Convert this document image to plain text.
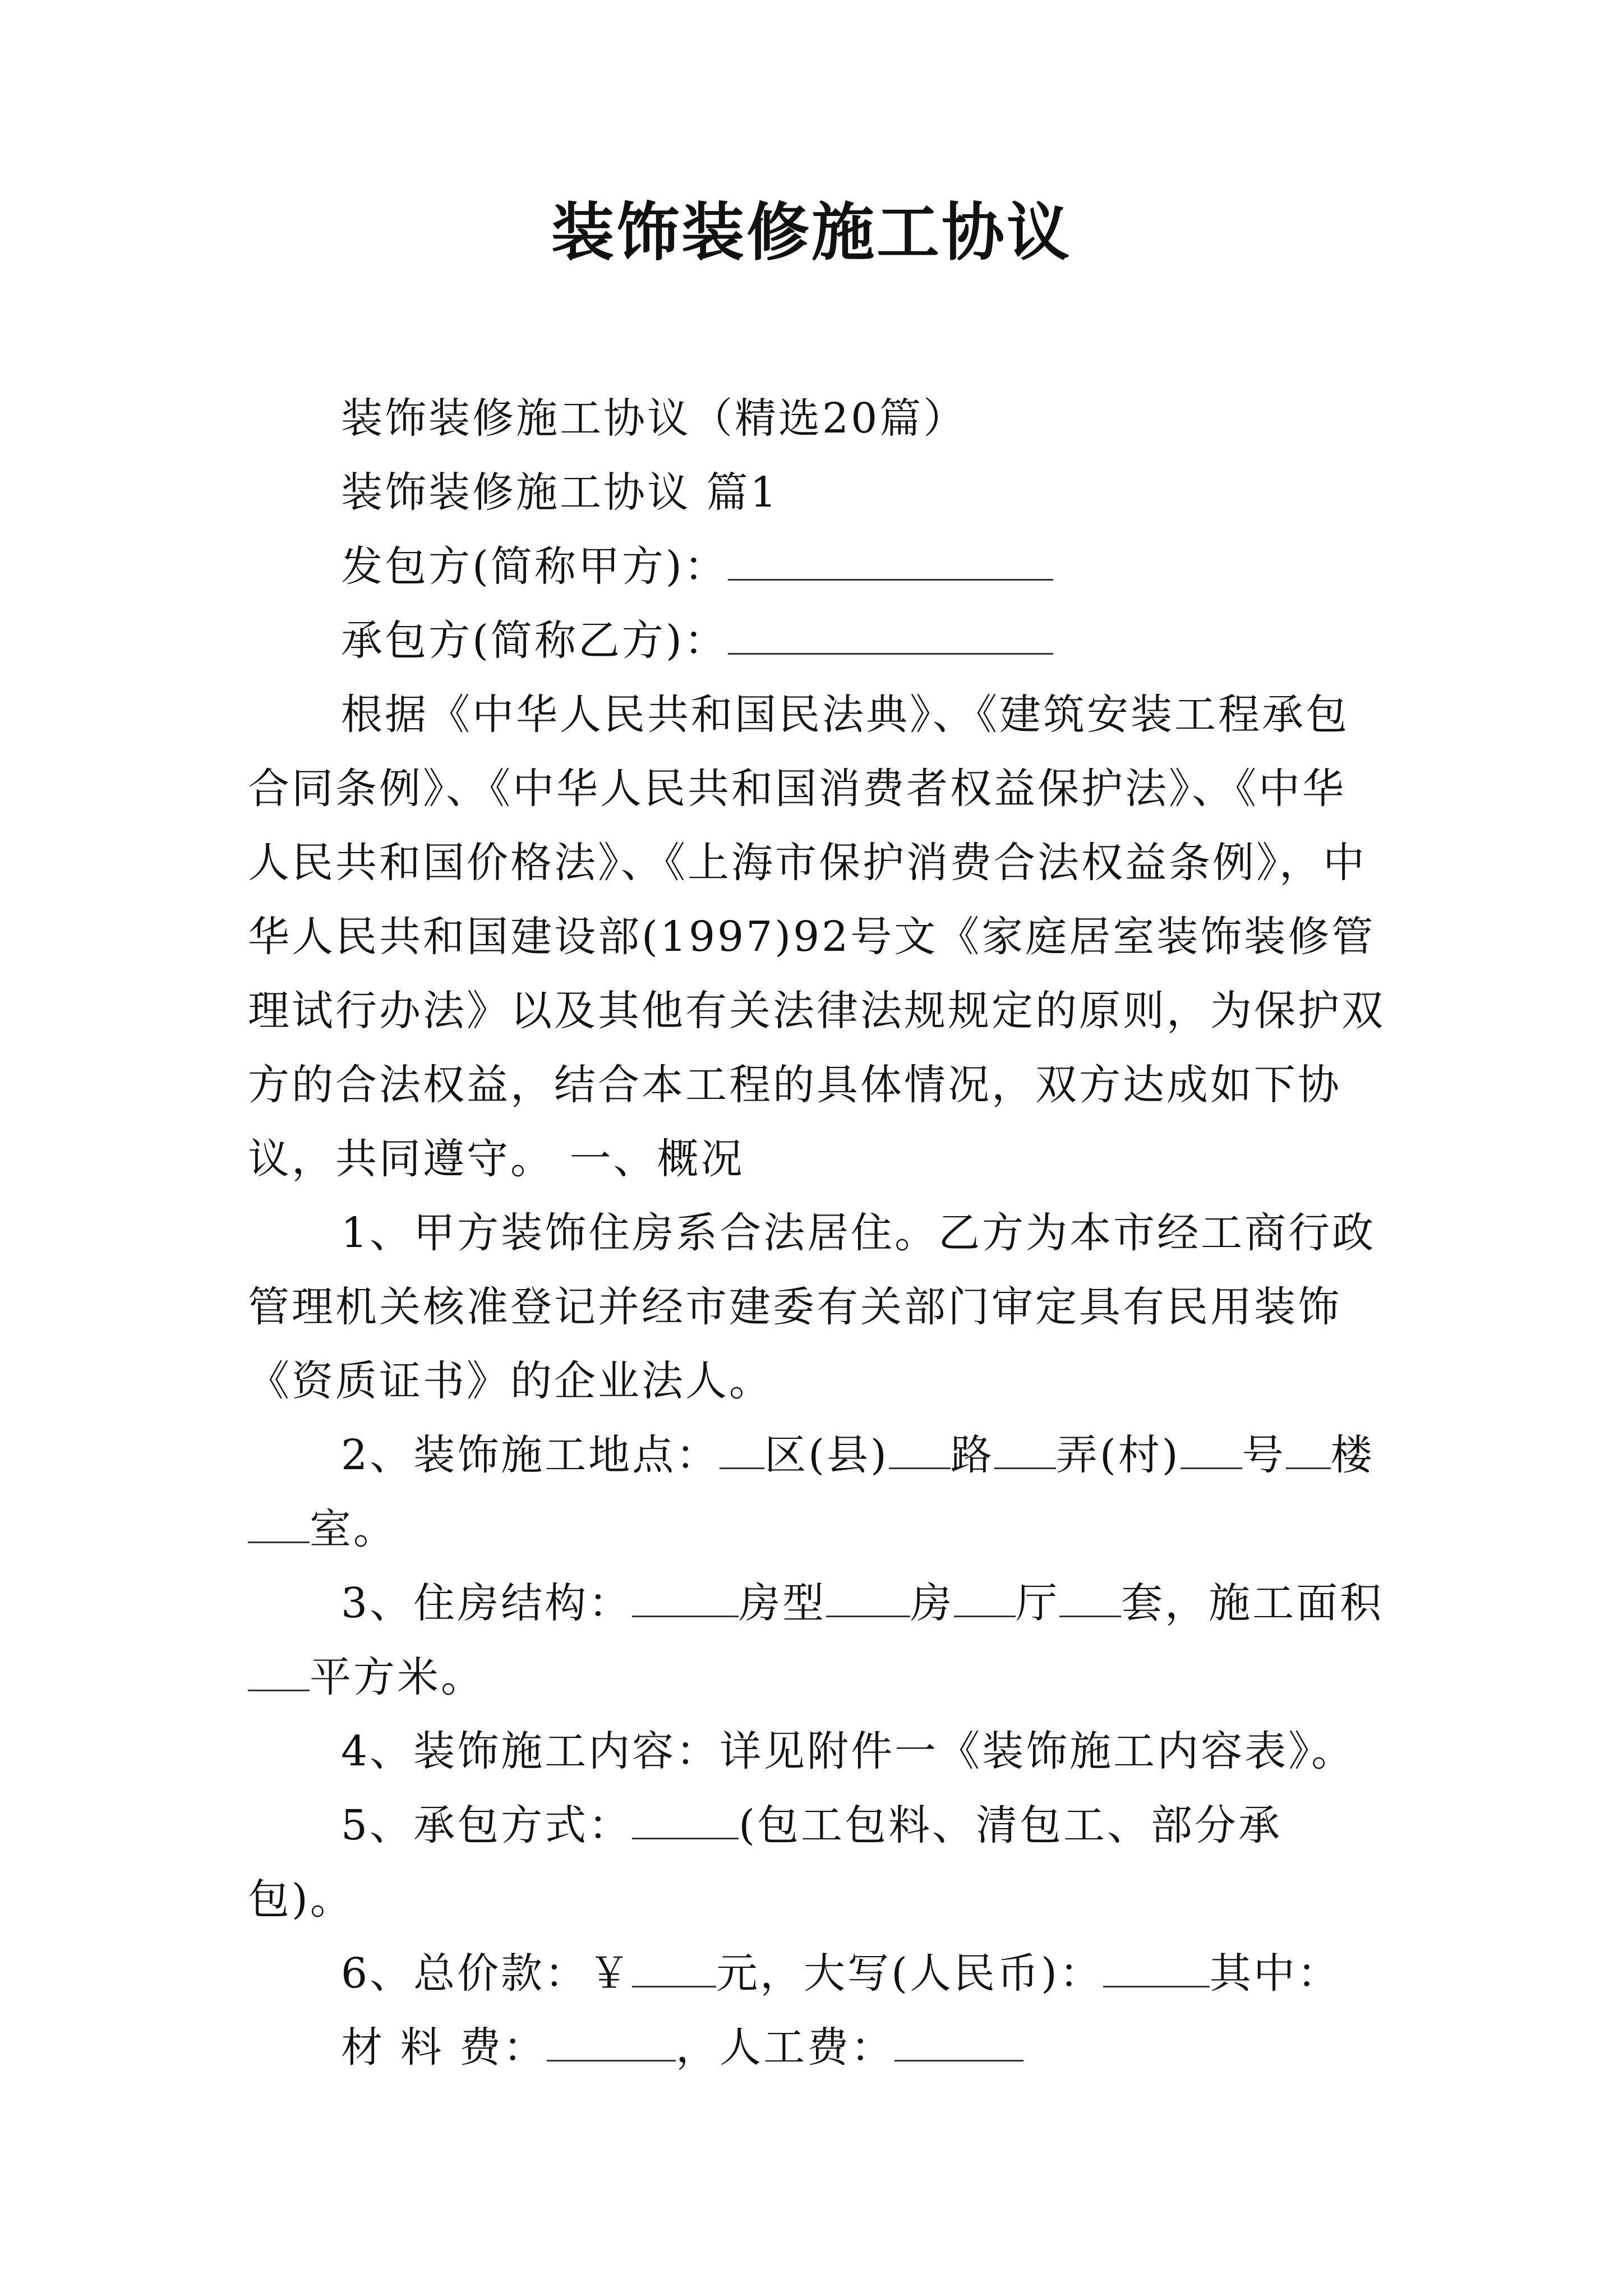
装饰装修施工协议

装饰装修施工协议（精选20篇）

装饰装修施工协议 篇1

发包方(简称甲方)：

承包方(简称乙方)：

根据《中华人民共和国民法典》、《建筑安装工程承包合同条例》、《中华人民共和国消费者权益保护法》、《中华人民共和国价格法》、《上海市保护消费合法权益条例》，中华人民共和国建设部(1997)92号文《家庭居室装饰装修管理试行办法》以及其他有关法律法规规定的原则，为保护双方的合法权益，结合本工程的具体情况，双方达成如下协议，共同遵守。 一、概况

1、甲方装饰住房系合法居住。乙方为本市经工商行政管理机关核准登记并经市建委有关部门审定具有民用装饰《资质证书》的企业法人。

2、装饰施工地点： 区(县) 路 弄(村) 号 楼室。

3、住房结构：	房型 房 厅 套，施工面积平方米。

4、装饰施工内容：详见附件一《装饰施工内容表》。

5、承包方式：	(包工包料、清包工、部分承包)。

6、总价款：￥ 元，大写(人民币)：	其中：

材 料 费：	，人工费：
